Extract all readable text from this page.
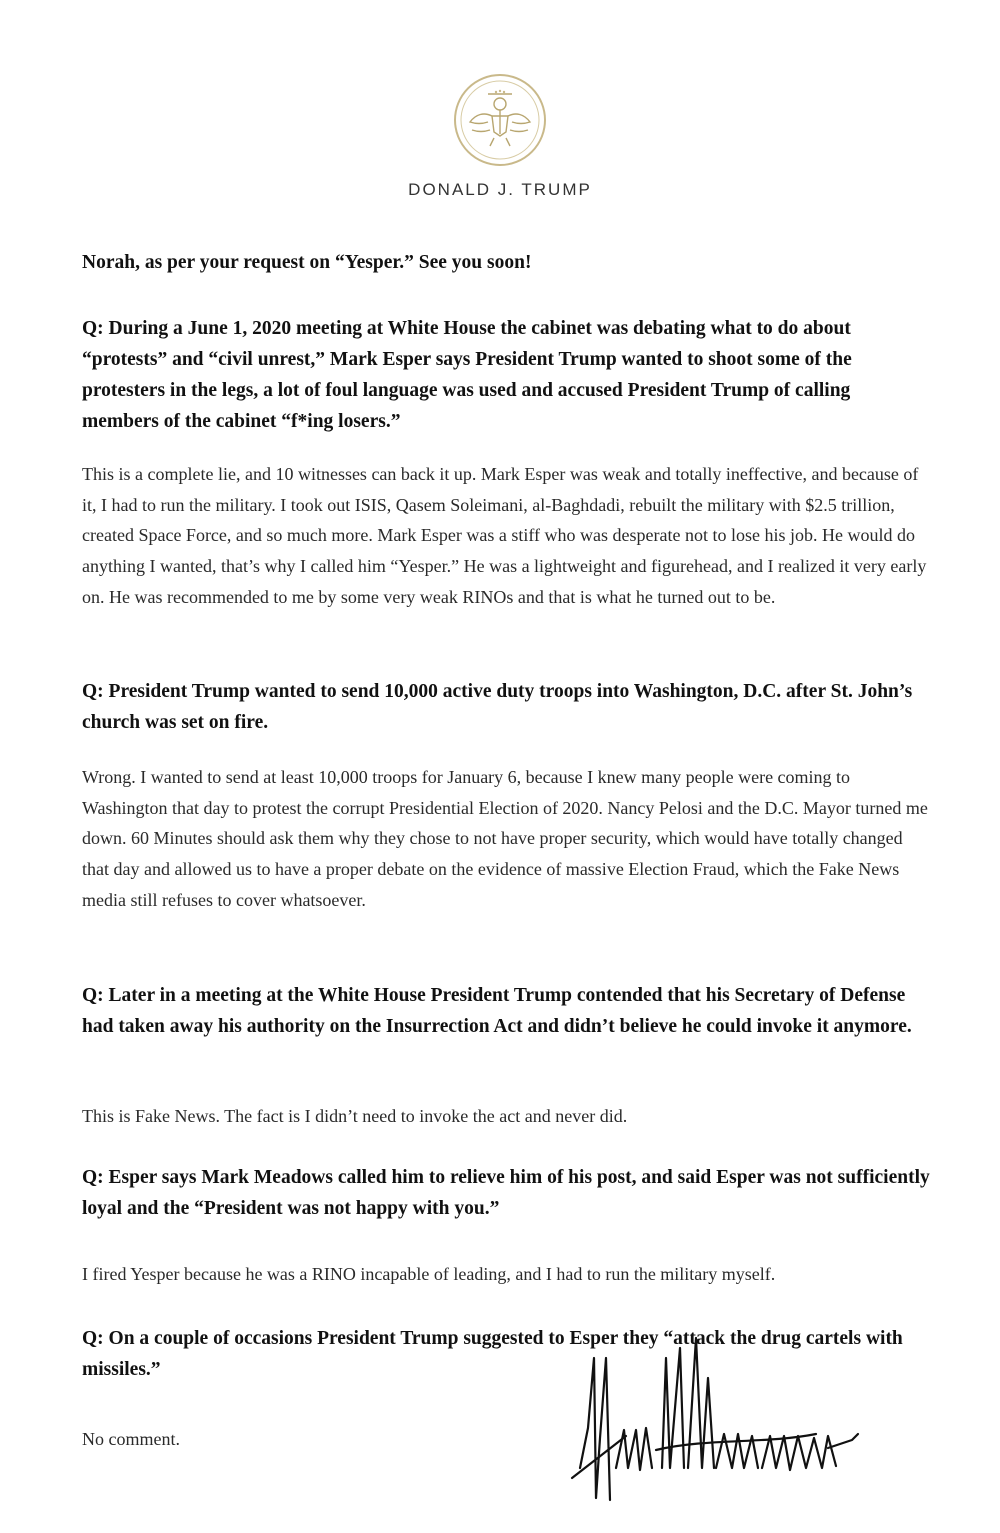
DONALD J. TRUMP

Norah, as per your request on “Yesper.” See you soon!

Q: During a June 1, 2020 meeting at White House the cabinet was debating what to do about “protests” and “civil unrest,” Mark Esper says President Trump wanted to shoot some of the protesters in the legs, a lot of foul language was used and accused President Trump of calling members of the cabinet “f*ing losers.”

This is a complete lie, and 10 witnesses can back it up. Mark Esper was weak and totally ineffective, and because of it, I had to run the military. I took out ISIS, Qasem Soleimani, al-Baghdadi, rebuilt the military with $2.5 trillion, created Space Force, and so much more. Mark Esper was a stiff who was desperate not to lose his job. He would do anything I wanted, that’s why I called him “Yesper.” He was a lightweight and figurehead, and I realized it very early on. He was recommended to me by some very weak RINOs and that is what he turned out to be.

Q: President Trump wanted to send 10,000 active duty troops into Washington, D.C. after St. John’s church was set on fire.

Wrong. I wanted to send at least 10,000 troops for January 6, because I knew many people were coming to Washington that day to protest the corrupt Presidential Election of 2020. Nancy Pelosi and the D.C. Mayor turned me down. 60 Minutes should ask them why they chose to not have proper security, which would have totally changed that day and allowed us to have a proper debate on the evidence of massive Election Fraud, which the Fake News media still refuses to cover whatsoever.

Q: Later in a meeting at the White House President Trump contended that his Secretary of Defense had taken away his authority on the Insurrection Act and didn’t believe he could invoke it anymore.

This is Fake News. The fact is I didn’t need to invoke the act and never did.

Q: Esper says Mark Meadows called him to relieve him of his post, and said Esper was not sufficiently loyal and the “President was not happy with you.”

I fired Yesper because he was a RINO incapable of leading, and I had to run the military myself.

Q: On a couple of occasions President Trump suggested to Esper they “attack the drug cartels with missiles.”

No comment.
